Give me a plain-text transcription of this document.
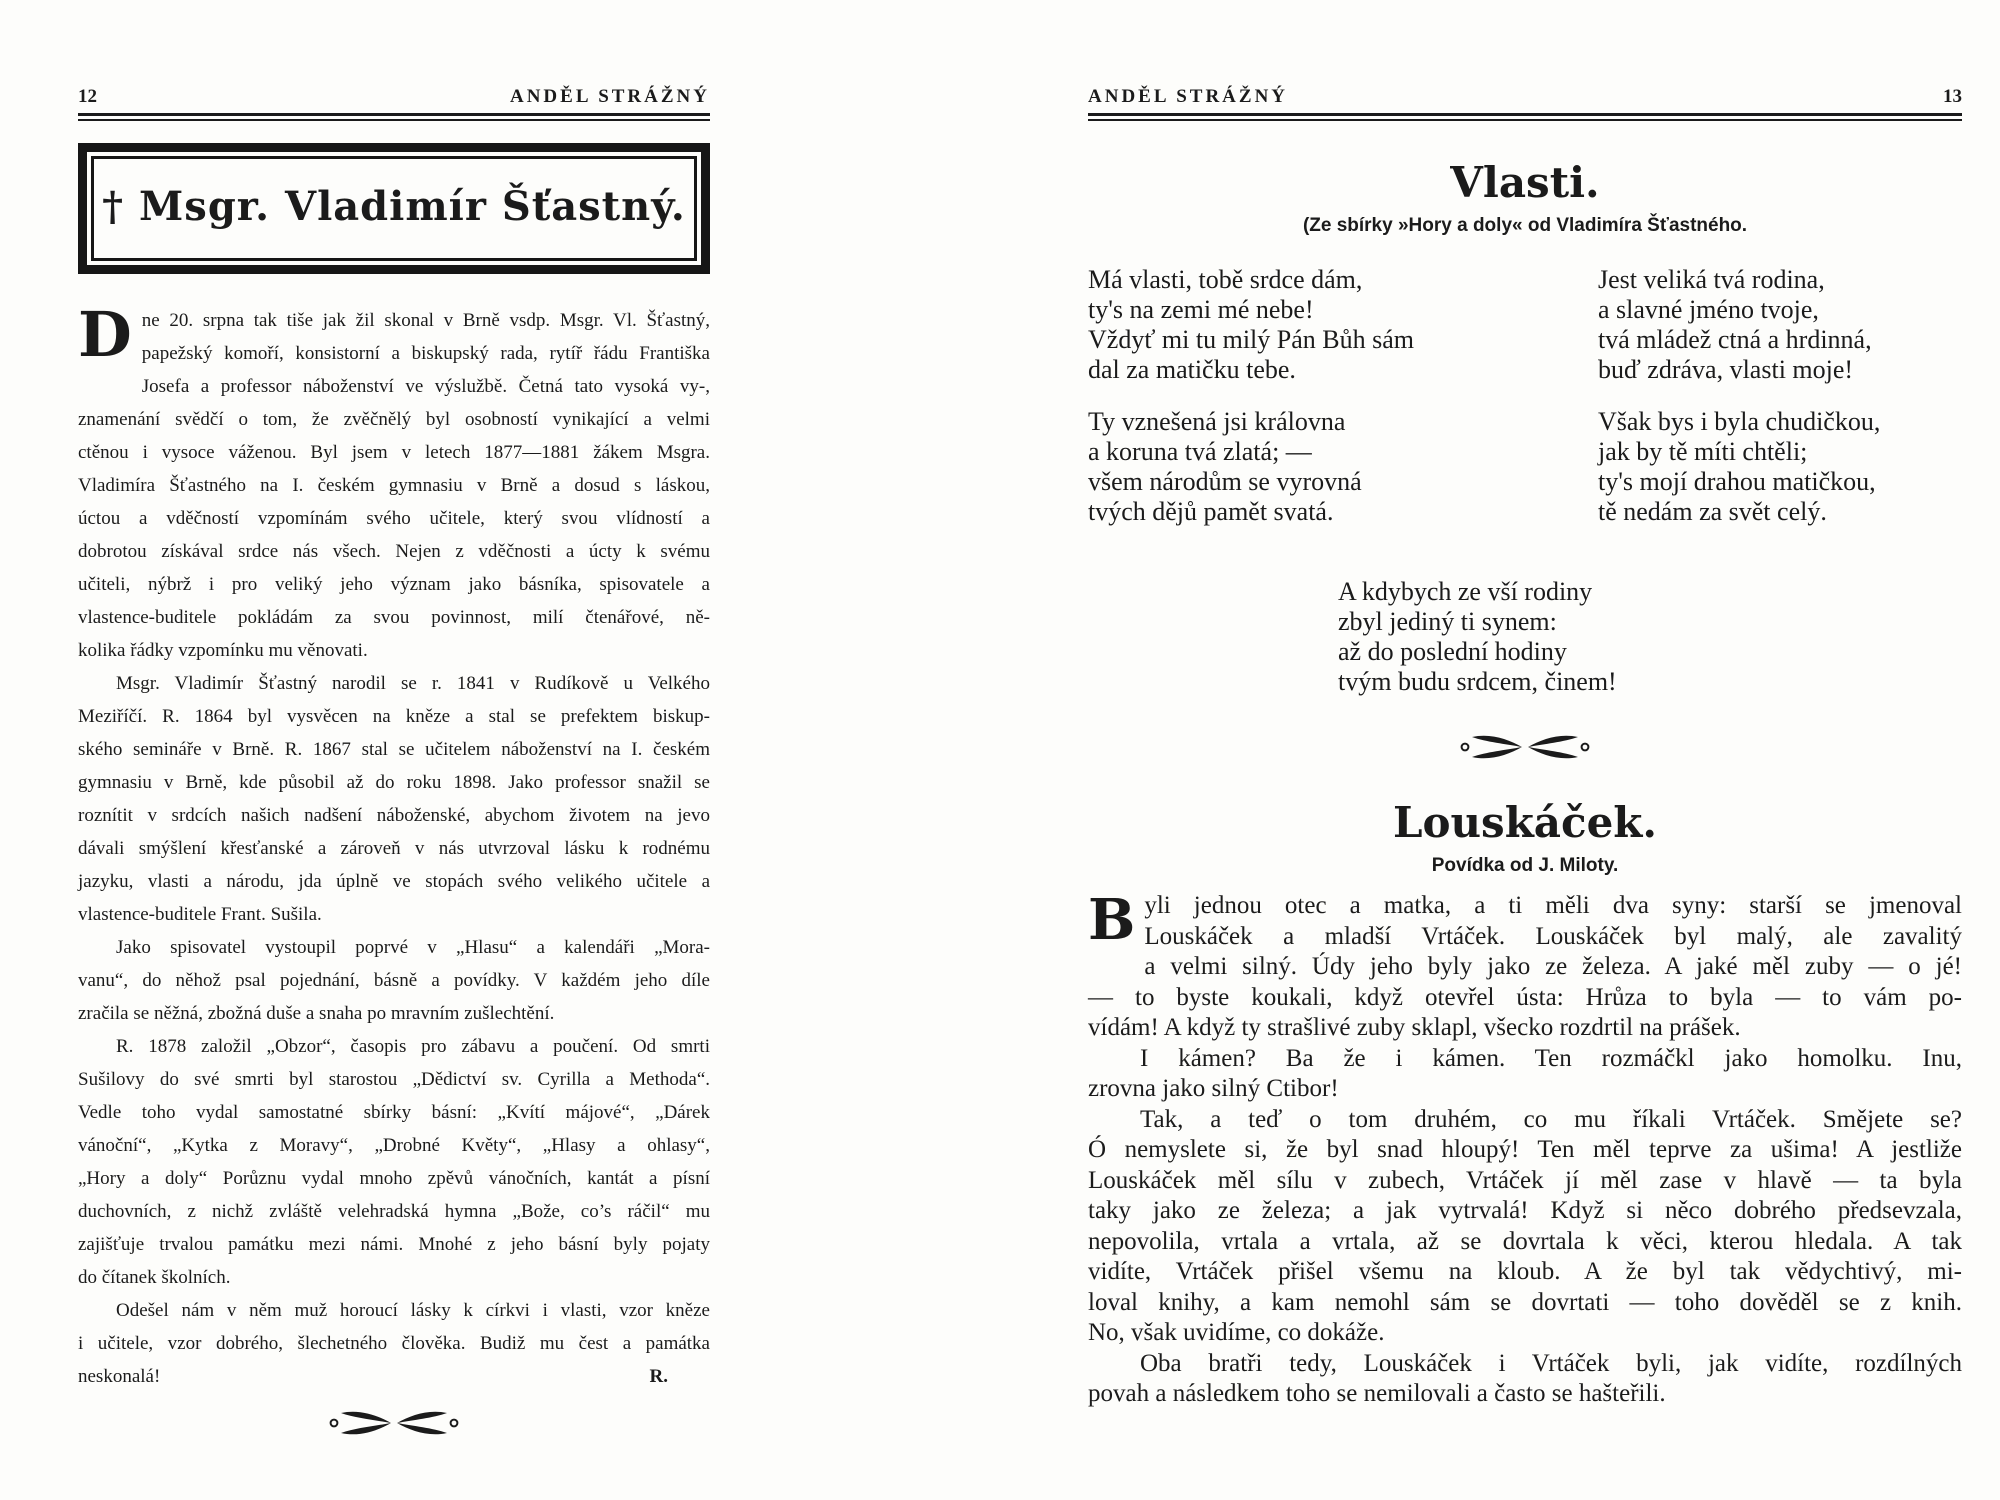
12	ANDĚL STRÁŽNÝ
† Msgr. Vladimír Šťastný.
D ne 20. srpna tak tiše jak žil skonal v Brně vsdp. Msgr. Vl. Šťastný,
papežský komoří, konsistorní a biskupský rada, rytíř řádu Františka
Josefa a professor náboženství ve výslužbě. Četná tato vysoká vy-,
znamenání svědčí o tom, že zvěčnělý byl osobností vynikající a velmi
ctěnou i vysoce váženou. Byl jsem v letech 1877—1881 žákem Msgra.
Vladimíra Šťastného na I. českém gymnasiu v Brně a dosud s láskou,
úctou a vděčností vzpomínám svého učitele, který svou vlídností a
dobrotou získával srdce nás všech. Nejen z vděčnosti a úcty k svému
učiteli, nýbrž i pro veliký jeho význam jako básníka, spisovatele a
vlastence-buditele pokládám za svou povinnost, milí čtenářové, ně-
kolika řádky vzpomínku mu věnovati.
Msgr. Vladimír Šťastný narodil se r. 1841 v Rudíkově u Velkého
Meziříčí. R. 1864 byl vysvěcen na kněze a stal se prefektem biskup-
ského semináře v Brně. R. 1867 stal se učitelem náboženství na I. českém
gymnasiu v Brně, kde působil až do roku 1898. Jako professor snažil se
roznítit v srdcích našich nadšení náboženské, abychom životem na jevo
dávali smýšlení křesťanské a zároveň v nás utvrzoval lásku k rodnému
jazyku, vlasti a národu, jda úplně ve stopách svého velikého učitele a
vlastence-buditele Frant. Sušila.
Jako spisovatel vystoupil poprvé v „Hlasu“ a kalendáři „Mora-
vanu“, do něhož psal pojednání, básně a povídky. V každém jeho díle
zračila se něžná, zbožná duše a snaha po mravním zušlechtění.
R. 1878 založil „Obzor“, časopis pro zábavu a poučení. Od smrti
Sušilovy do své smrti byl starostou „Dědictví sv. Cyrilla a Methoda“.
Vedle toho vydal samostatné sbírky básní: „Kvítí májové“, „Dárek
vánoční“, „Kytka z Moravy“, „Drobné Květy“, „Hlasy a ohlasy“,
„Hory a doly“ Porůznu vydal mnoho zpěvů vánočních, kantát a písní
duchovních, z nichž zvláště velehradská hymna „Bože, co’s ráčil“ mu
zajišťuje trvalou památku mezi námi. Mnohé z jeho básní byly pojaty
do čítanek školních.
Odešel nám v něm muž horoucí lásky k církvi i vlasti, vzor kněze
i učitele, vzor dobrého, šlechetného člověka. Budiž mu čest a památka
neskonalá!	R.
ANDĚL STRÁŽNÝ	13
Vlasti.
(Ze sbírky »Hory a doly« od Vladimíra Šťastného.
Má vlasti, tobě srdce dám,
ty's na zemi mé nebe!
Vždyť mi tu milý Pán Bůh sám
dal za matičku tebe.
Ty vznešená jsi královna
a koruna tvá zlatá; —
všem národům se vyrovná
tvých dějů pamět svatá.
Jest veliká tvá rodina,
a slavné jméno tvoje,
tvá mládež ctná a hrdinná,
buď zdráva, vlasti moje!
Však bys i byla chudičkou,
jak by tě míti chtěli;
ty's mojí drahou matičkou,
tě nedám za svět celý.
A kdybych ze vší rodiny
zbyl jediný ti synem:
až do poslední hodiny
tvým budu srdcem, činem!
Louskáček.
Povídka od J. Miloty.
B yli jednou otec a matka, a ti měli dva syny: starší se jmenoval
Louskáček a mladší Vrtáček. Louskáček byl malý, ale zavalitý
a velmi silný. Údy jeho byly jako ze železa. A jaké měl zuby — o jé!
— to byste koukali, když otevřel ústa: Hrůza to byla — to vám po-
vídám! A když ty strašlivé zuby sklapl, všecko rozdrtil na prášek.
I kámen? Ba že i kámen. Ten rozmáčkl jako homolku. Inu,
zrovna jako silný Ctibor!
Tak, a teď o tom druhém, co mu říkali Vrtáček. Smějete se?
Ó nemyslete si, že byl snad hloupý! Ten měl teprve za ušima! A jestliže
Louskáček měl sílu v zubech, Vrtáček jí měl zase v hlavě — ta byla
taky jako ze železa; a jak vytrvalá! Když si něco dobrého předsevzala,
nepovolila, vrtala a vrtala, až se dovrtala k věci, kterou hledala. A tak
vidíte, Vrtáček přišel všemu na kloub. A že byl tak vědychtivý, mi-
loval knihy, a kam nemohl sám se dovrtati — toho dověděl se z knih.
No, však uvidíme, co dokáže.
Oba bratři tedy, Louskáček i Vrtáček byli, jak vidíte, rozdílných
povah a následkem toho se nemilovali a často se hašteřili.
